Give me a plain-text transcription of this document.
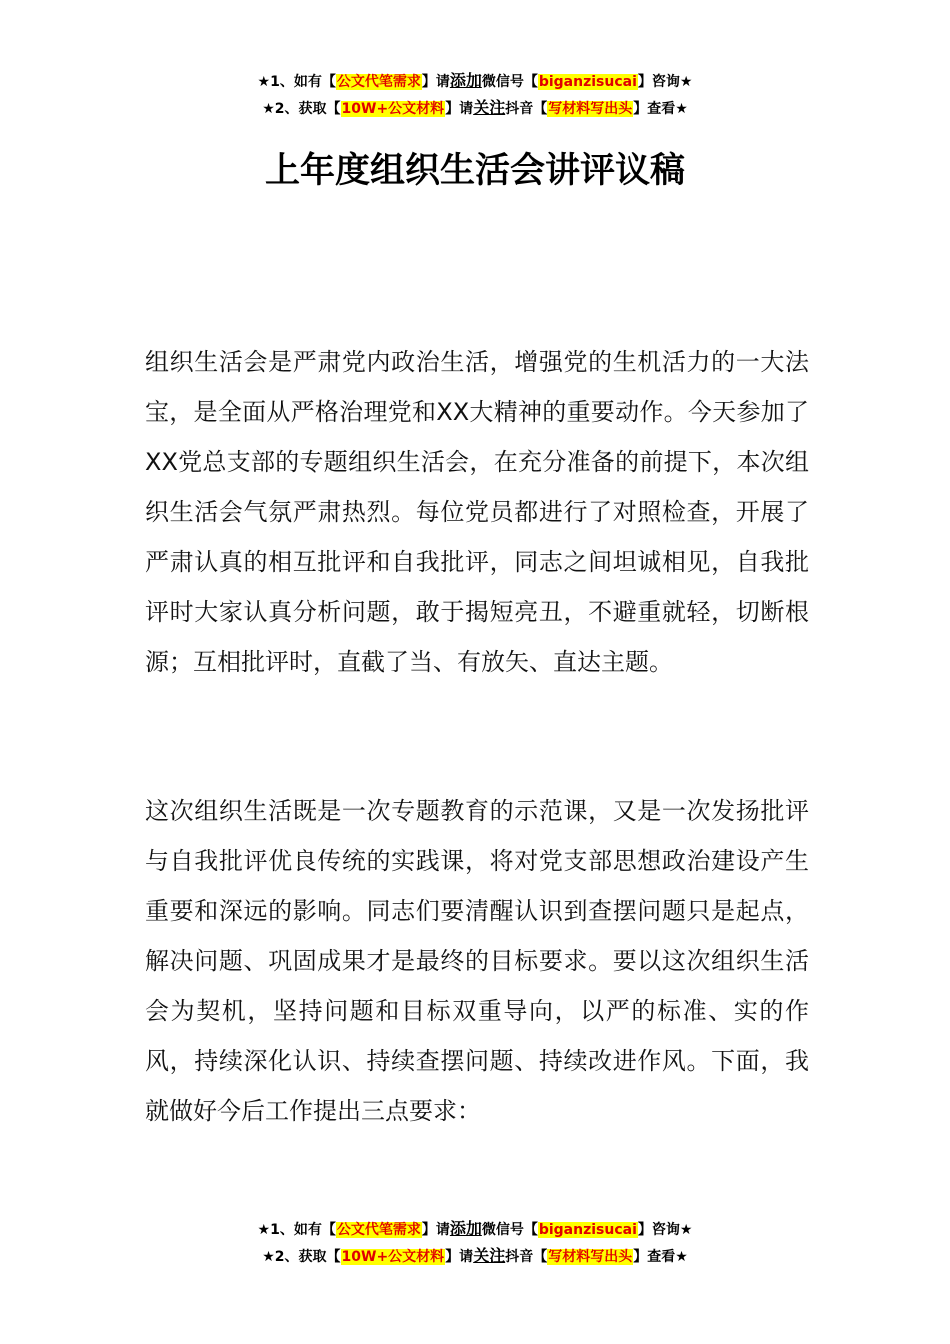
★1、如有【公文代笔需求】请添加微信号【biganzisucai】咨询★
★2、获取【10W+公文材料】请关注抖音【写材料写出头】查看★
上年度组织生活会讲评议稿

组织生活会是严肃党内政治生活，增强党的生机活力的一大法宝，是全面从严格治理党和XX大精神的重要动作。今天参加了XX党总支部的专题组织生活会，在充分准备的前提下，本次组织生活会气氛严肃热烈。每位党员都进行了对照检查，开展了严肃认真的相互批评和自我批评，同志之间坦诚相见，自我批评时大家认真分析问题，敢于揭短亮丑，不避重就轻，切断根源；互相批评时，直截了当、有放矢、直达主题。

这次组织生活既是一次专题教育的示范课，又是一次发扬批评与自我批评优良传统的实践课，将对党支部思想政治建设产生重要和深远的影响。同志们要清醒认识到查摆问题只是起点，解决问题、巩固成果才是最终的目标要求。要以这次组织生活会为契机，坚持问题和目标双重导向，以严的标准、实的作风，持续深化认识、持续查摆问题、持续改进作风。下面，我就做好今后工作提出三点要求：

★1、如有【公文代笔需求】请添加微信号【biganzisucai】咨询★
★2、获取【10W+公文材料】请关注抖音【写材料写出头】查看★
